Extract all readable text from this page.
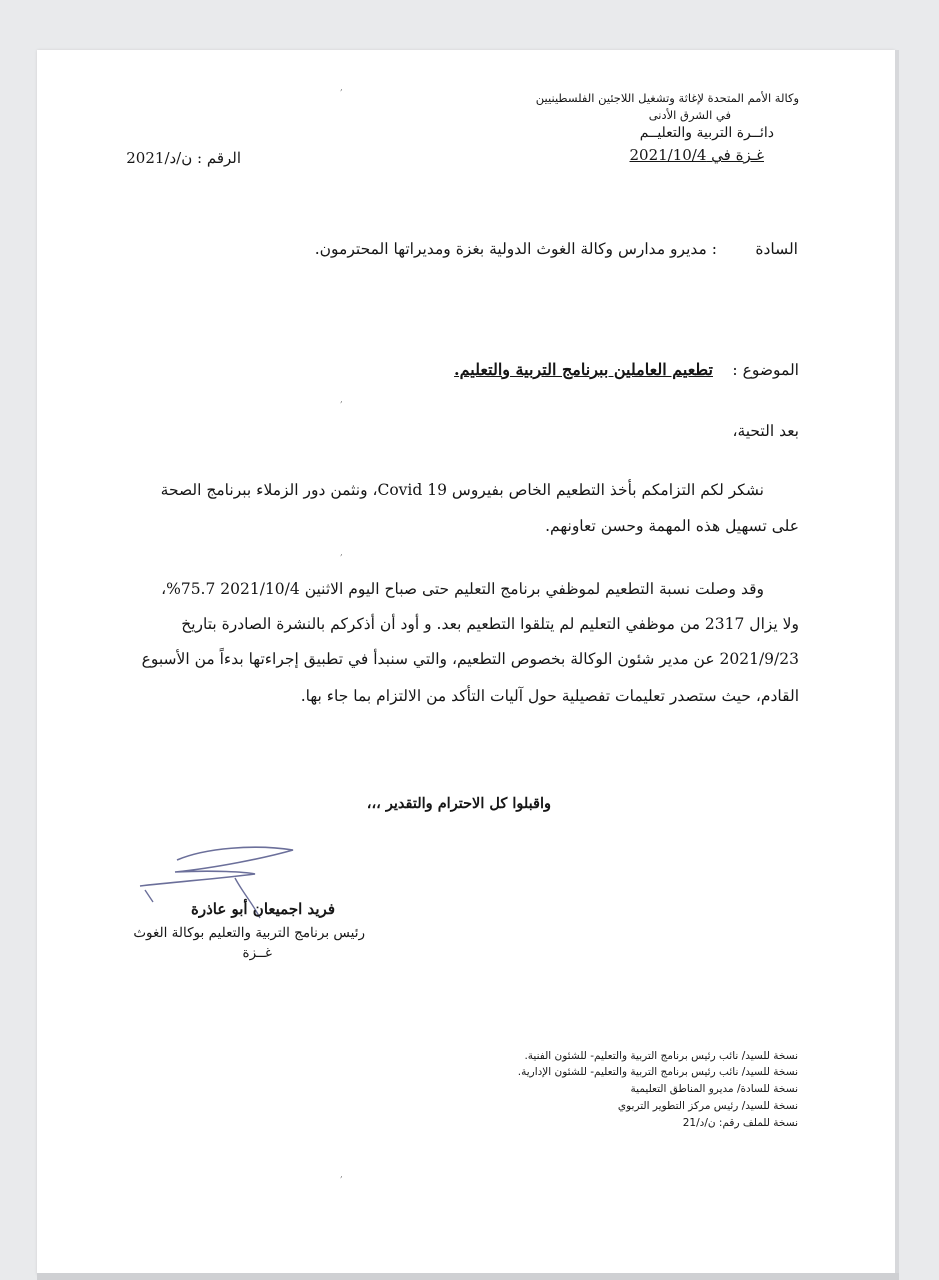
وكالة الأمم المتحدة لإغاثة وتشغيل اللاجئين الفلسطينيين
في الشرق الأدنى
دائــرة التربية والتعليــم
غـزة في 2021/10/4
الرقم : ن/د/2021
السادة
: مديرو مدارس وكالة الغوث الدولية بغزة ومديراتها المحترمون.
الموضوع :
تطعيم العاملين ببرنامج التربية والتعليم.
بعد التحية،
نشكر لكم التزامكم بأخذ التطعيم الخاص بفيروس Covid 19، ونثمن دور الزملاء ببرنامج الصحة
على تسهيل هذه المهمة وحسن تعاونهم.
وقد وصلت نسبة التطعيم لموظفي برنامج التعليم حتى صباح اليوم الاثنين 2021/10/4 75.7%،
ولا يزال 2317 من موظفي التعليم لم يتلقوا التطعيم بعد. و أود أن أذكركم بالنشرة الصادرة بتاريخ
2021/9/23 عن مدير شئون الوكالة بخصوص التطعيم، والتي سنبدأ في تطبيق إجراءتها بدءاً من الأسبوع
القادم، حيث ستصدر تعليمات تفصيلية حول آليات التأكد من الالتزام بما جاء بها.
واقبلوا كل الاحترام والتقدير ،،،
فريد اجميعان أبو عاذرة
رئيس برنامج التربية والتعليم بوكالة الغوث
غــزة
نسخة للسيد/ نائب رئيس برنامج التربية والتعليم- للشئون الفنية.
نسخة للسيد/ نائب رئيس برنامج التربية والتعليم- للشئون الإدارية.
نسخة للسادة/ مديرو المناطق التعليمية
نسخة للسيد/ رئيس مركز التطوير التربوي
نسخة للملف رقم: ن/د/21
,
,
,
,
